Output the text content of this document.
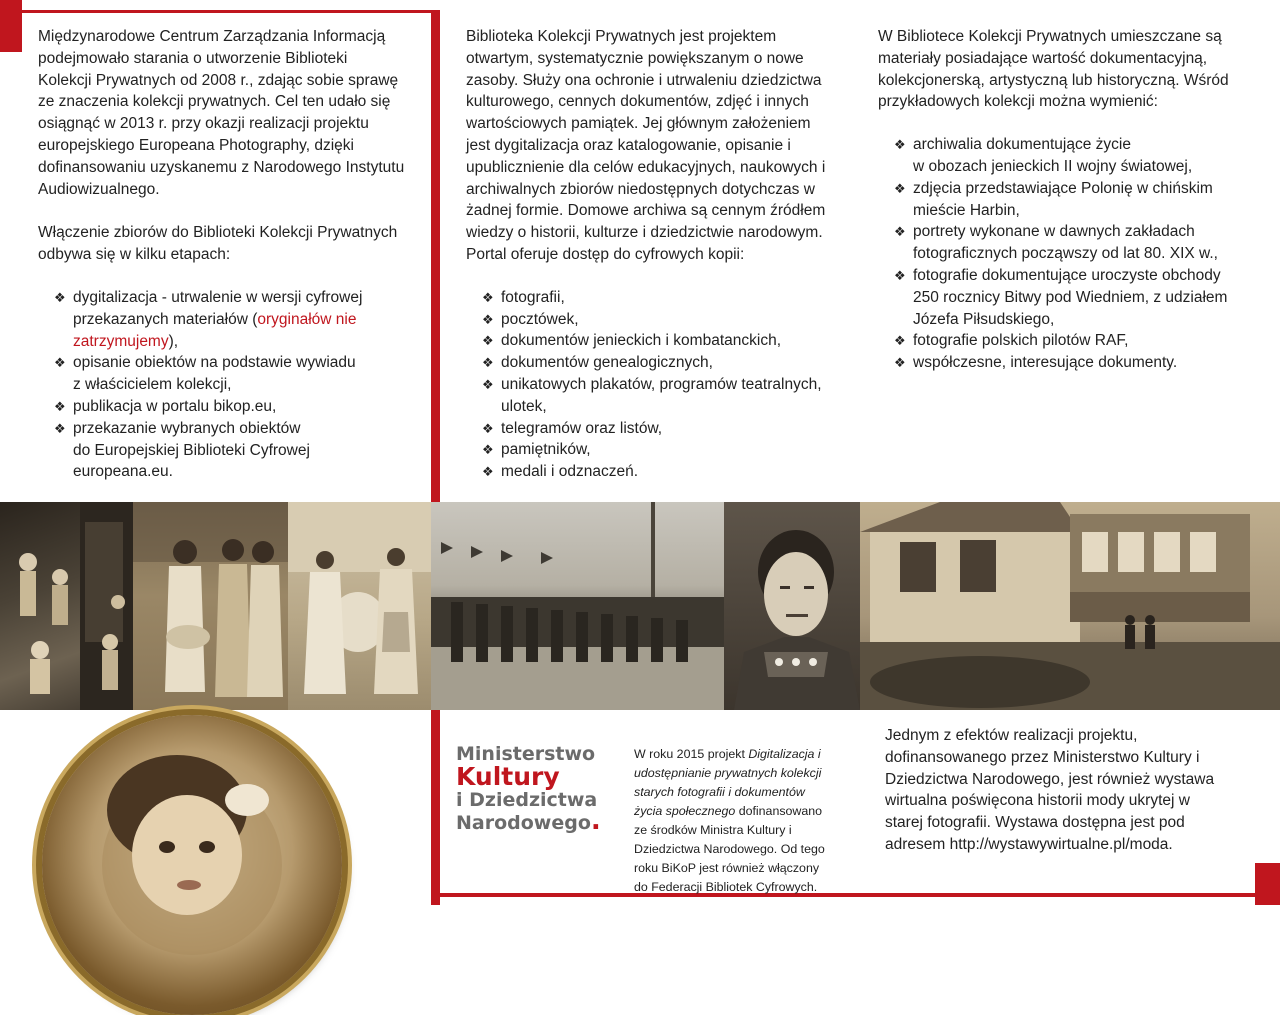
Międzynarodowe Centrum Zarządzania Informacją
podejmowało starania o utworzenie Biblioteki
Kolekcji Prywatnych od 2008 r., zdając sobie sprawę
ze znaczenia kolekcji prywatnych. Cel ten udało się
osiągnąć w 2013 r. przy okazji realizacji projektu
europejskiego Europeana Photography, dzięki
dofinansowaniu uzyskanemu z Narodowego Instytutu
Audiowizualnego.

Włączenie zbiorów do Biblioteki Kolekcji Prywatnych
odbywa się w kilku etapach:

❖ dygitalizacja - utrwalenie w wersji cyfrowej
przekazanych materiałów (oryginałów nie
zatrzymujemy),
❖ opisanie obiektów na podstawie wywiadu
z właścicielem kolekcji,
❖ publikacja w portalu bikop.eu,
❖ przekazanie wybranych obiektów
do Europejskiej Biblioteki Cyfrowej
europeana.eu.

Biblioteka Kolekcji Prywatnych jest projektem
otwartym, systematycznie powiększanym o nowe
zasoby. Służy ona ochronie i utrwaleniu dziedzictwa
kulturowego, cennych dokumentów, zdjęć i innych
wartościowych pamiątek. Jej głównym założeniem
jest dygitalizacja oraz katalogowanie, opisanie i
upublicznienie dla celów edukacyjnych, naukowych i
archiwalnych zbiorów niedostępnych dotychczas w
żadnej formie. Domowe archiwa są cennym źródłem
wiedzy o historii, kulturze i dziedzictwie narodowym.
Portal oferuje dostęp do cyfrowych kopii:

❖ fotografii,
❖ pocztówek,
❖ dokumentów jenieckich i kombatanckich,
❖ dokumentów genealogicznych,
❖ unikatowych plakatów, programów teatralnych,
ulotek,
❖ telegramów oraz listów,
❖ pamiętników,
❖ medali i odznaczeń.

W Bibliotece Kolekcji Prywatnych umieszczane są
materiały posiadające wartość dokumentacyjną,
kolekcjonerską, artystyczną lub historyczną. Wśród
przykładowych kolekcji można wymienić:

❖ archiwalia dokumentujące życie
w obozach jenieckich II wojny światowej,
❖ zdjęcia przedstawiające Polonię w chińskim
mieście Harbin,
❖ portrety wykonane w dawnych zakładach
fotograficznych począwszy od lat 80. XIX w.,
❖ fotografie dokumentujące uroczyste obchody
250 rocznicy Bitwy pod Wiedniem, z udziałem
Józefa Piłsudskiego,
❖ fotografie polskich pilotów RAF,
❖ współczesne, interesujące dokumenty.
Ministerstwo
Kultury
i Dziedzictwa
Narodowego.

W roku 2015 projekt Digitalizacja i
udostępnianie prywatnych kolekcji
starych fotografii i dokumentów
życia społecznego dofinansowano
ze środków Ministra Kultury i
Dziedzictwa Narodowego. Od tego
roku BiKoP jest również włączony
do Federacji Bibliotek Cyfrowych.

Jednym z efektów realizacji projektu,
dofinansowanego przez Ministerstwo Kultury i
Dziedzictwa Narodowego, jest również wystawa
wirtualna poświęcona historii mody ukrytej w
starej fotografii. Wystawa dostępna jest pod
adresem http://wystawywirtualne.pl/moda.
